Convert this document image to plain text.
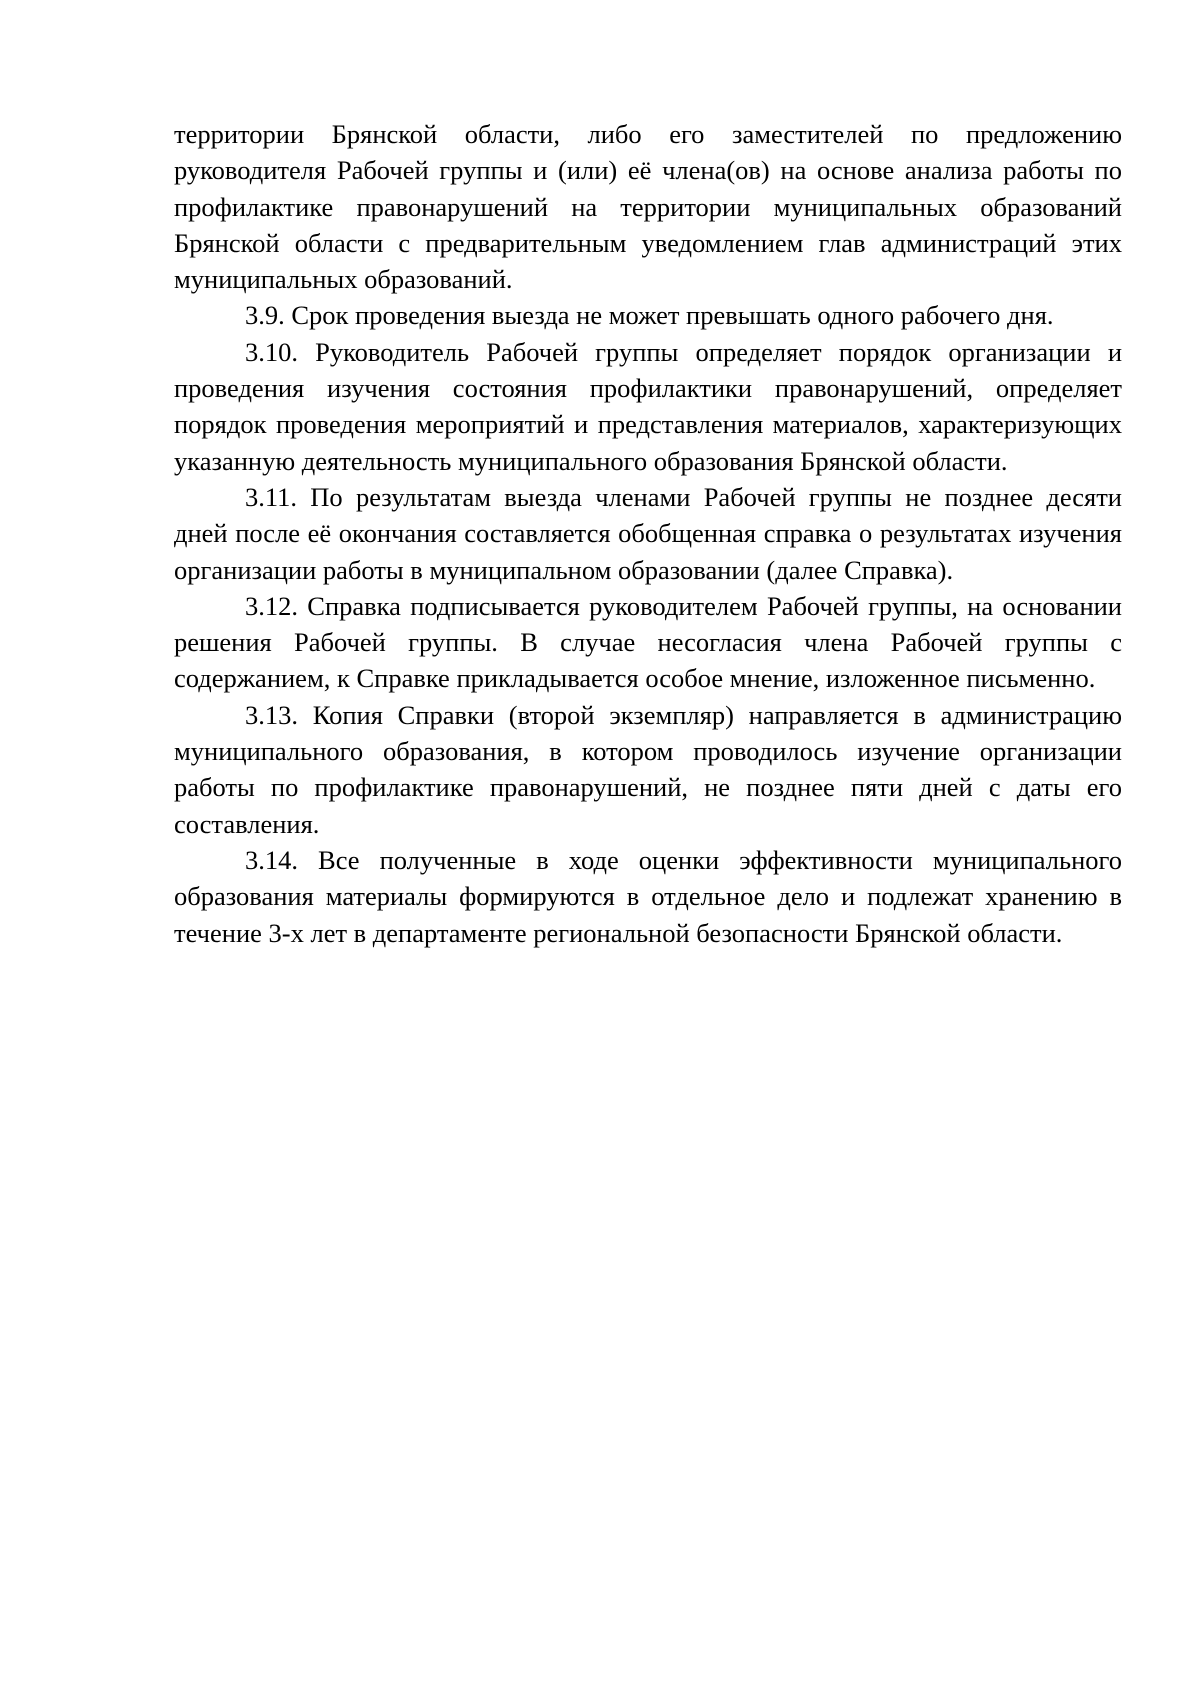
территории Брянской области, либо его заместителей по предложению руководителя Рабочей группы и (или) её члена(ов) на основе анализа работы по профилактике правонарушений на территории муниципальных образований Брянской области с предварительным уведомлением глав администраций этих муниципальных образований.

3.9. Срок проведения выезда не может превышать одного рабочего дня.

3.10. Руководитель Рабочей группы определяет порядок организации и проведения изучения состояния профилактики правонарушений, определяет порядок проведения мероприятий и представления материалов, характеризующих указанную деятельность муниципального образования Брянской области.

3.11. По результатам выезда членами Рабочей группы не позднее десяти дней после её окончания составляется обобщенная справка о результатах изучения организации работы в муниципальном образовании (далее Справка).

3.12. Справка подписывается руководителем Рабочей группы, на основании решения Рабочей группы. В случае несогласия члена Рабочей группы с содержанием, к Справке прикладывается особое мнение, изложенное письменно.

3.13. Копия Справки (второй экземпляр) направляется в администрацию муниципального образования, в котором проводилось изучение организации работы по профилактике правонарушений, не позднее пяти дней с даты его составления.

3.14. Все полученные в ходе оценки эффективности муниципального образования материалы формируются в отдельное дело и подлежат хранению в течение 3-х лет в департаменте региональной безопасности Брянской области.
